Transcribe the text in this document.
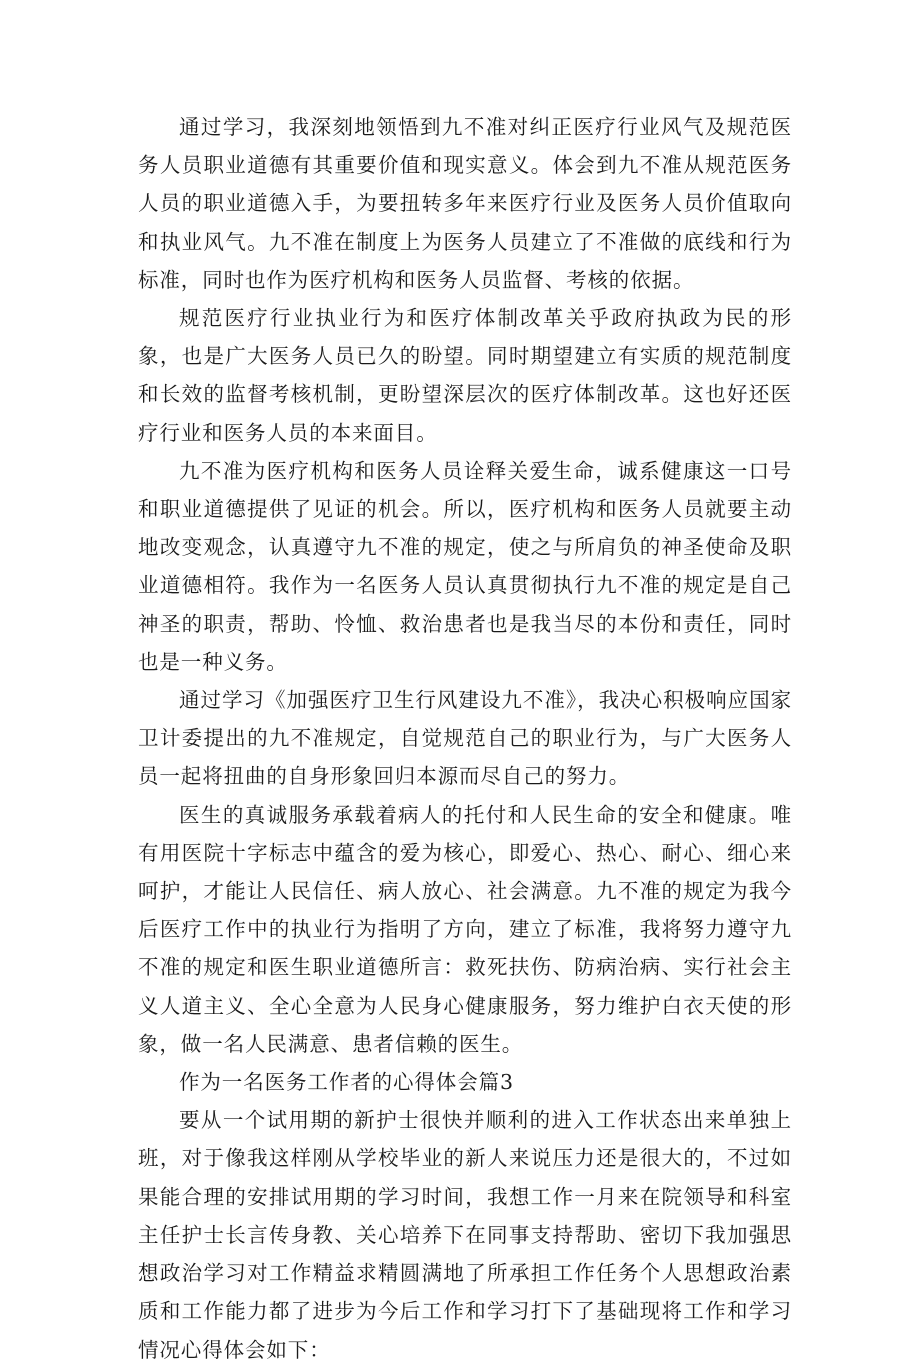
通过学习，我深刻地领悟到九不准对纠正医疗行业风气及规范医务人员职业道德有其重要价值和现实意义。体会到九不准从规范医务人员的职业道德入手，为要扭转多年来医疗行业及医务人员价值取向和执业风气。九不准在制度上为医务人员建立了不准做的底线和行为标准，同时也作为医疗机构和医务人员监督、考核的依据。

规范医疗行业执业行为和医疗体制改革关乎政府执政为民的形象，也是广大医务人员已久的盼望。同时期望建立有实质的规范制度和长效的监督考核机制，更盼望深层次的医疗体制改革。这也好还医疗行业和医务人员的本来面目。

九不准为医疗机构和医务人员诠释关爱生命，诚系健康这一口号和职业道德提供了见证的机会。所以，医疗机构和医务人员就要主动地改变观念，认真遵守九不准的规定，使之与所肩负的神圣使命及职业道德相符。我作为一名医务人员认真贯彻执行九不准的规定是自己神圣的职责，帮助、怜恤、救治患者也是我当尽的本份和责任，同时也是一种义务。

通过学习《加强医疗卫生行风建设九不准》，我决心积极响应国家卫计委提出的九不准规定，自觉规范自己的职业行为，与广大医务人员一起将扭曲的自身形象回归本源而尽自己的努力。

医生的真诚服务承载着病人的托付和人民生命的安全和健康。唯有用医院十字标志中蕴含的爱为核心，即爱心、热心、耐心、细心来呵护，才能让人民信任、病人放心、社会满意。九不准的规定为我今后医疗工作中的执业行为指明了方向，建立了标准，我将努力遵守九不准的规定和医生职业道德所言：救死扶伤、防病治病、实行社会主义人道主义、全心全意为人民身心健康服务，努力维护白衣天使的形象，做一名人民满意、患者信赖的医生。

作为一名医务工作者的心得体会篇3

要从一个试用期的新护士很快并顺利的进入工作状态出来单独上班，对于像我这样刚从学校毕业的新人来说压力还是很大的，不过如果能合理的安排试用期的学习时间，我想工作一月来在院领导和科室主任护士长言传身教、关心培养下在同事支持帮助、密切下我加强思想政治学习对工作精益求精圆满地了所承担工作任务个人思想政治素质和工作能力都了进步为今后工作和学习打下了基础现将工作和学习情况心得体会如下：
